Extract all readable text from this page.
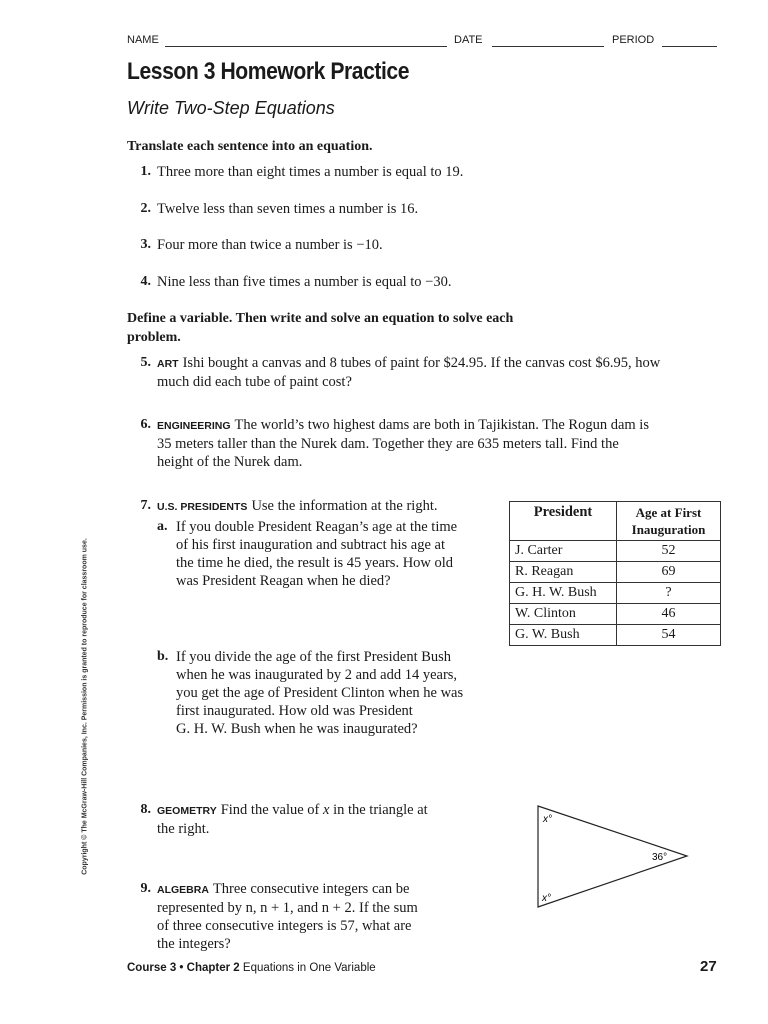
NAME	DATE	PERIOD
Lesson 3 Homework Practice
Write Two-Step Equations
Translate each sentence into an equation.
1. Three more than eight times a number is equal to 19.
2. Twelve less than seven times a number is 16.
3. Four more than twice a number is −10.
4. Nine less than five times a number is equal to −30.
Define a variable. Then write and solve an equation to solve each
problem.
5. ART Ishi bought a canvas and 8 tubes of paint for $24.95. If the canvas cost $6.95, how
much did each tube of paint cost?
6. ENGINEERING The world’s two highest dams are both in Tajikistan. The Rogun dam is
35 meters taller than the Nurek dam. Together they are 635 meters tall. Find the
height of the Nurek dam.
7. U.S. PRESIDENTS Use the information at the right.
a. If you double President Reagan’s age at the time
of his first inauguration and subtract his age at
the time he died, the result is 45 years. How old
was President Reagan when he died?
b. If you divide the age of the first President Bush
when he was inaugurated by 2 and add 14 years,
you get the age of President Clinton when he was
first inaugurated. How old was President
G. H. W. Bush when he was inaugurated?
President	Age at First
Inauguration

J. Carter	52
R. Reagan	69
G. H. W. Bush	?
W. Clinton	46
G. W. Bush	54
8. GEOMETRY Find the value of x in the triangle at
the right.
x°
x°
36°
9. ALGEBRA Three consecutive integers can be
represented by n, n + 1, and n + 2. If the sum
of three consecutive integers is 57, what are
the integers?
Copyright © The McGraw-Hill Companies, Inc. Permission is granted to reproduce for classroom use.
Course 3 • Chapter 2 Equations in One Variable	27
